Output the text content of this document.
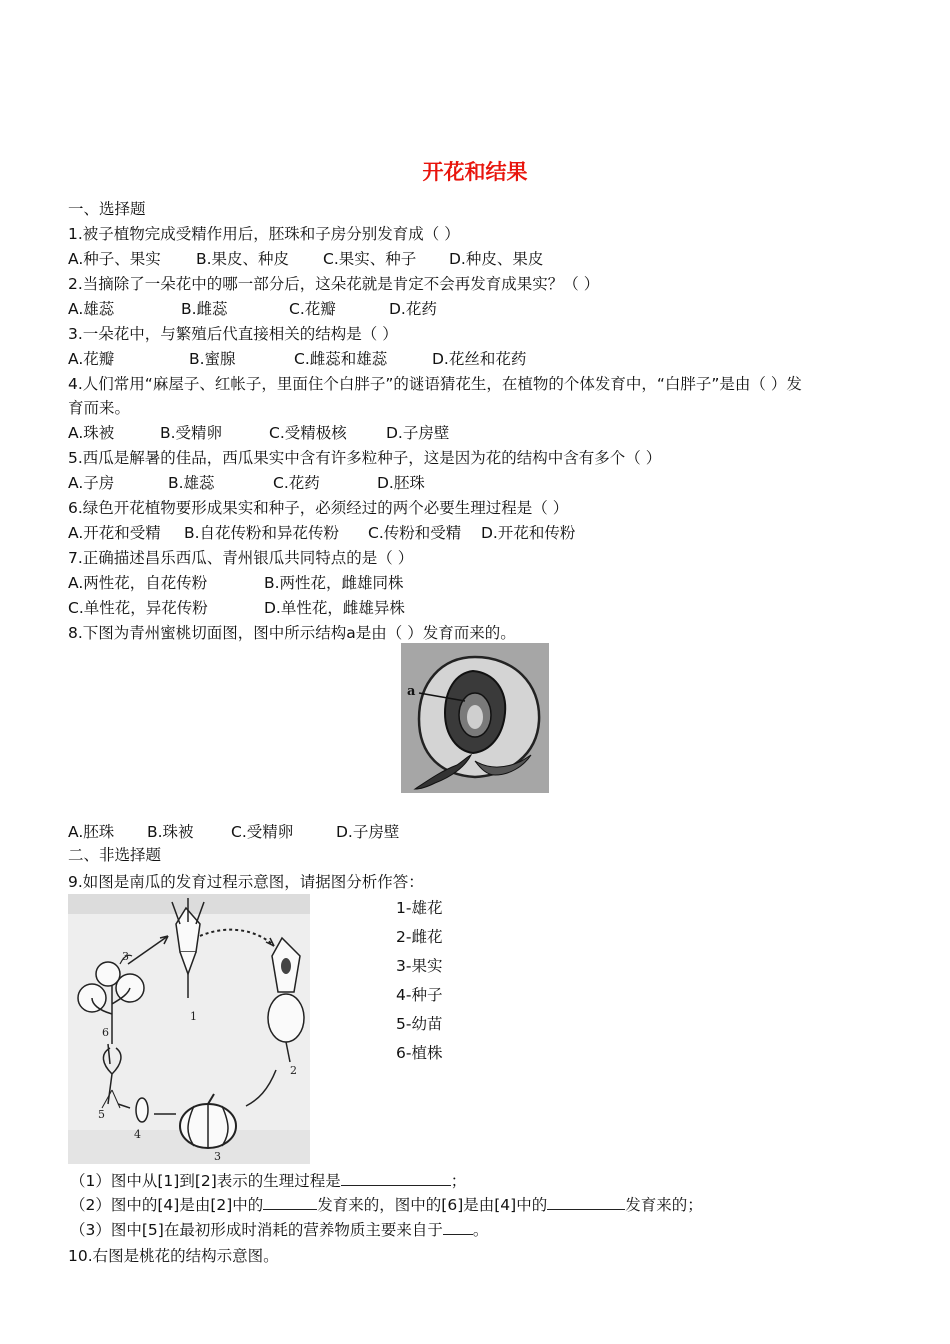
开花和结果
一、选择题
1.被子植物完成受精作用后，胚珠和子房分别发育成（ ）
A.种子、果实 B.果皮、种皮 C.果实、种子 D.种皮、果皮
2.当摘除了一朵花中的哪一部分后，这朵花就是肯定不会再发育成果实？（ ）
A.雄蕊	B.雌蕊	C.花瓣	D.花药
3.一朵花中，与繁殖后代直接相关的结构是（ ）
A.花瓣	B.蜜腺	C.雌蕊和雄蕊	D.花丝和花药
4.人们常用“麻屋子、红帐子，里面住个白胖子”的谜语猜花生，在植物的个体发育中，“白胖子”是由（ ）发
育而来。
A.珠被	B.受精卵	C.受精极核	D.子房壁
5.西瓜是解暑的佳品，西瓜果实中含有许多粒种子，这是因为花的结构中含有多个（ ）
A.子房	B.雄蕊	C.花药	D.胚珠
6.绿色开花植物要形成果实和种子，必须经过的两个必要生理过程是（ ）
A.开花和受精 B.自花传粉和异花传粉 C.传粉和受精 D.开花和传粉
7.正确描述昌乐西瓜、青州银瓜共同特点的是（ ）
A.两性花，自花传粉	B.两性花，雌雄同株
C.单性花，异花传粉	D.单性花，雌雄异株
8.下图为青州蜜桃切面图，图中所示结构a是由（ ）发育而来的。
a
A.胚珠 B.珠被 C.受精卵	D.子房壁
二、非选择题
9.如图是南瓜的发育过程示意图，请据图分析作答：
1
2
3
4
5
6
3
1-雄花
2-雌花
3-果实
4-种子
5-幼苗
6-植株
（1）图中从[1]到[2]表示的生理过程是	；
（2）图中的[4]是由[2]中的	发育来的，图中的[6]是由[4]中的	发育来的；
（3）图中[5]在最初形成时消耗的营养物质主要来自于 。
10.右图是桃花的结构示意图。
